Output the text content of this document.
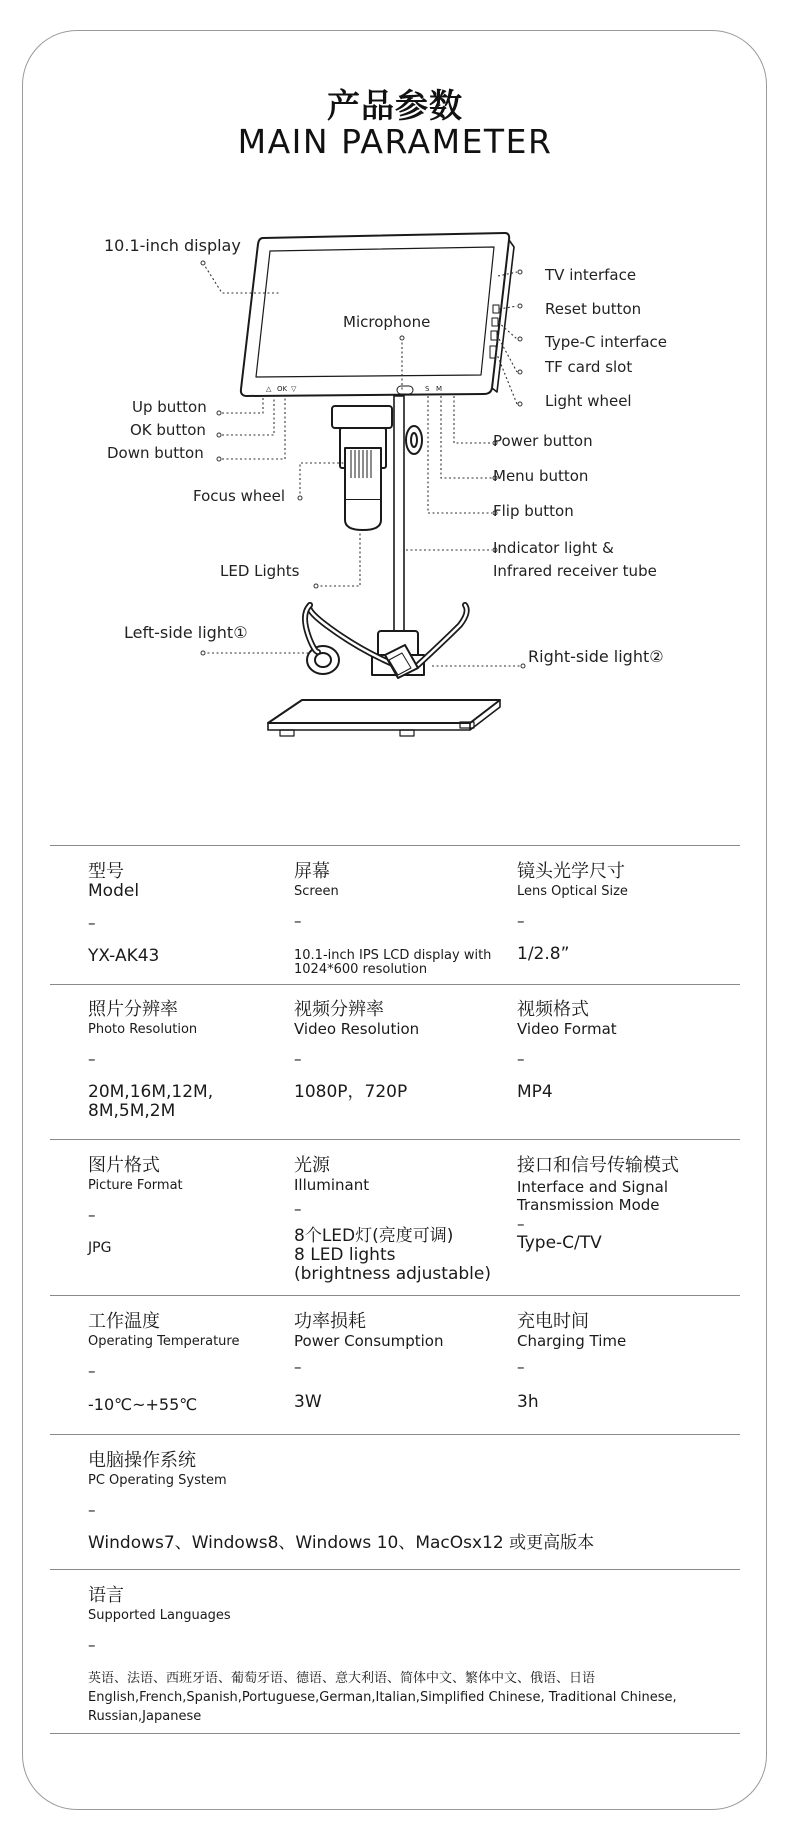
产品参数
MAIN PARAMETER
△ OK ▽	S M
10.1-inch display
Microphone
TV interface
Reset button
Type-C interface
TF card slot
Light wheel
Up button
OK button
Down button
Power button
Menu button
Focus wheel
Flip button
Indicator light &
Infrared receiver tube
LED Lights
Left-side light①
Right-side light②
型号
Model
–
YX-AK43
屏幕
Screen
–
10.1-inch IPS LCD display with
1024*600 resolution
镜头光学尺寸
Lens Optical Size
–
1/2.8”
照片分辨率
Photo Resolution
–
20M,16M,12M,
8M,5M,2M
视频分辨率
Video Resolution
–
1080P，720P
视频格式
Video Format
–
MP4
图片格式
Picture Format
–
JPG
光源
Illuminant
–
8个LED灯(亮度可调)
8 LED lights
(brightness adjustable)
接口和信号传输模式
Interface and Signal
Transmission Mode
–
Type-C/TV
工作温度
Operating Temperature
–
-10℃~+55℃
功率损耗
Power Consumption
–
3W
充电时间
Charging Time
–
3h
电脑操作系统
PC Operating System
–
Windows7、Windows8、Windows 10、MacOsx12 或更高版本
语言
Supported Languages
–
英语、法语、西班牙语、葡萄牙语、德语、意大利语、简体中文、繁体中文、俄语、日语
English,French,Spanish,Portuguese,German,Italian,Simplified Chinese, Traditional Chinese,
Russian,Japanese
